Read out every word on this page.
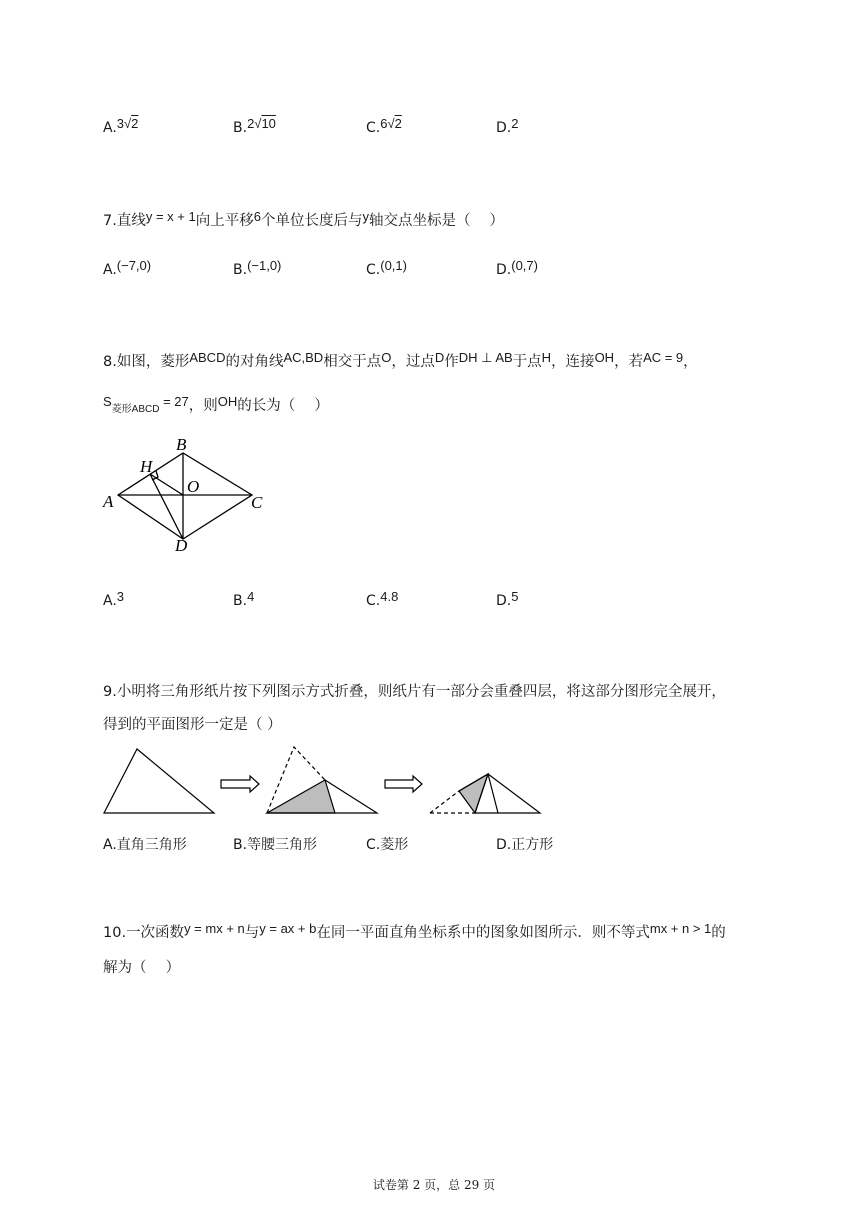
A.3√2	B.2√10	C.6√2	D.2
7.直线y = x + 1向上平移6个单位长度后与y轴交点坐标是（　 ）
A.(−7,0)	B.(−1,0)	C.(0,1)	D.(0,7)
8.如图，菱形ABCD的对角线AC,BD相交于点O，过点D作DH ⊥ AB于点H，连接OH，若AC = 9，
S菱形ABCD = 27，则OH的长为（　 ）
B
H
O
A	C
D
A.3	B.4	C.4.8	D.5
9.小明将三角形纸片按下列图示方式折叠，则纸片有一部分会重叠四层，将这部分图形完全展开，
得到的平面图形一定是（ ）
A.直角三角形	B.等腰三角形	C.菱形	D.正方形
10.一次函数y = mx + n与y = ax + b在同一平面直角坐标系中的图象如图所示．则不等式mx + n > 1的
解为（　 ）
试卷第 2 页，总 29 页
